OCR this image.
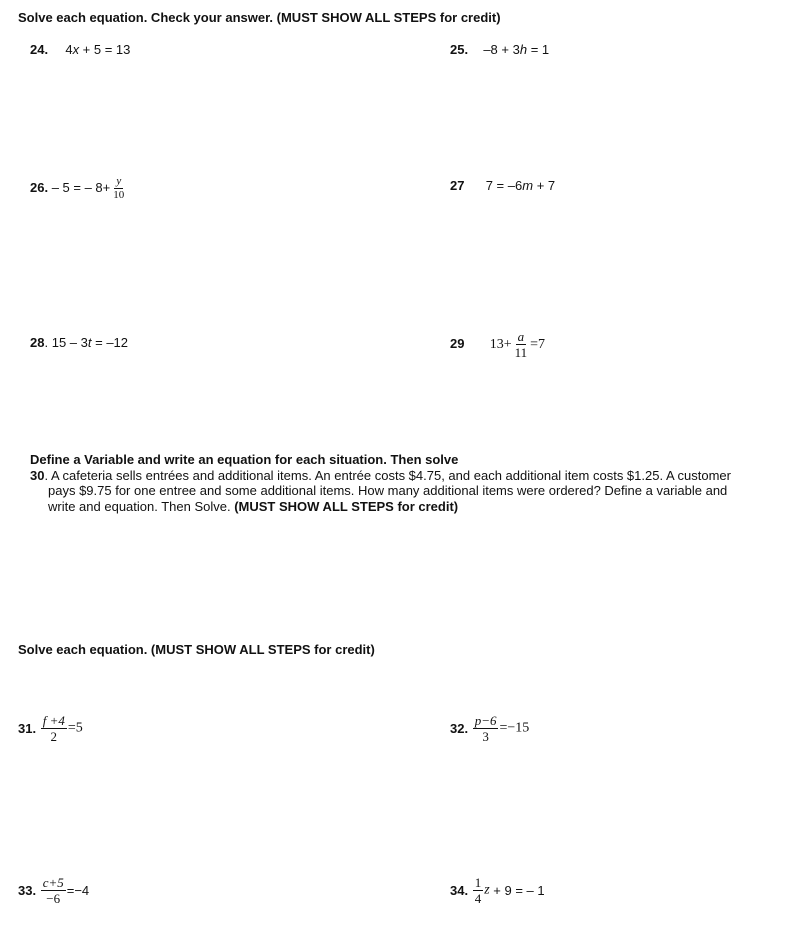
Solve each equation. Check your answer. (MUST SHOW ALL STEPS for credit)
24. 4x + 5 = 13	25. –8 + 3h = 1
26. – 5 = – $8+ \frac{y}{10}$	27 7 = –6m + 7
28. 15 – 3t = –12	29 $13+ \frac{a}{11} =7$
Define a Variable and write an equation for each situation. Then solve
30. A cafeteria sells entrées and additional items. An entrée costs $4.75, and each additional item costs $1.25. A customer
pays $9.75 for one entree and some additional items. How many additional items were ordered? Define a variable and
write and equation. Then Solve. (MUST SHOW ALL STEPS for credit)
Solve each equation. (MUST SHOW ALL STEPS for credit)
31. $\frac{f +4}{2} =5$	32. $\frac{p-6}{3} =-15$
33. $\frac{c+5}{-6} =-4$	34. $\frac{1}{4}$ z + 9 = – 1
